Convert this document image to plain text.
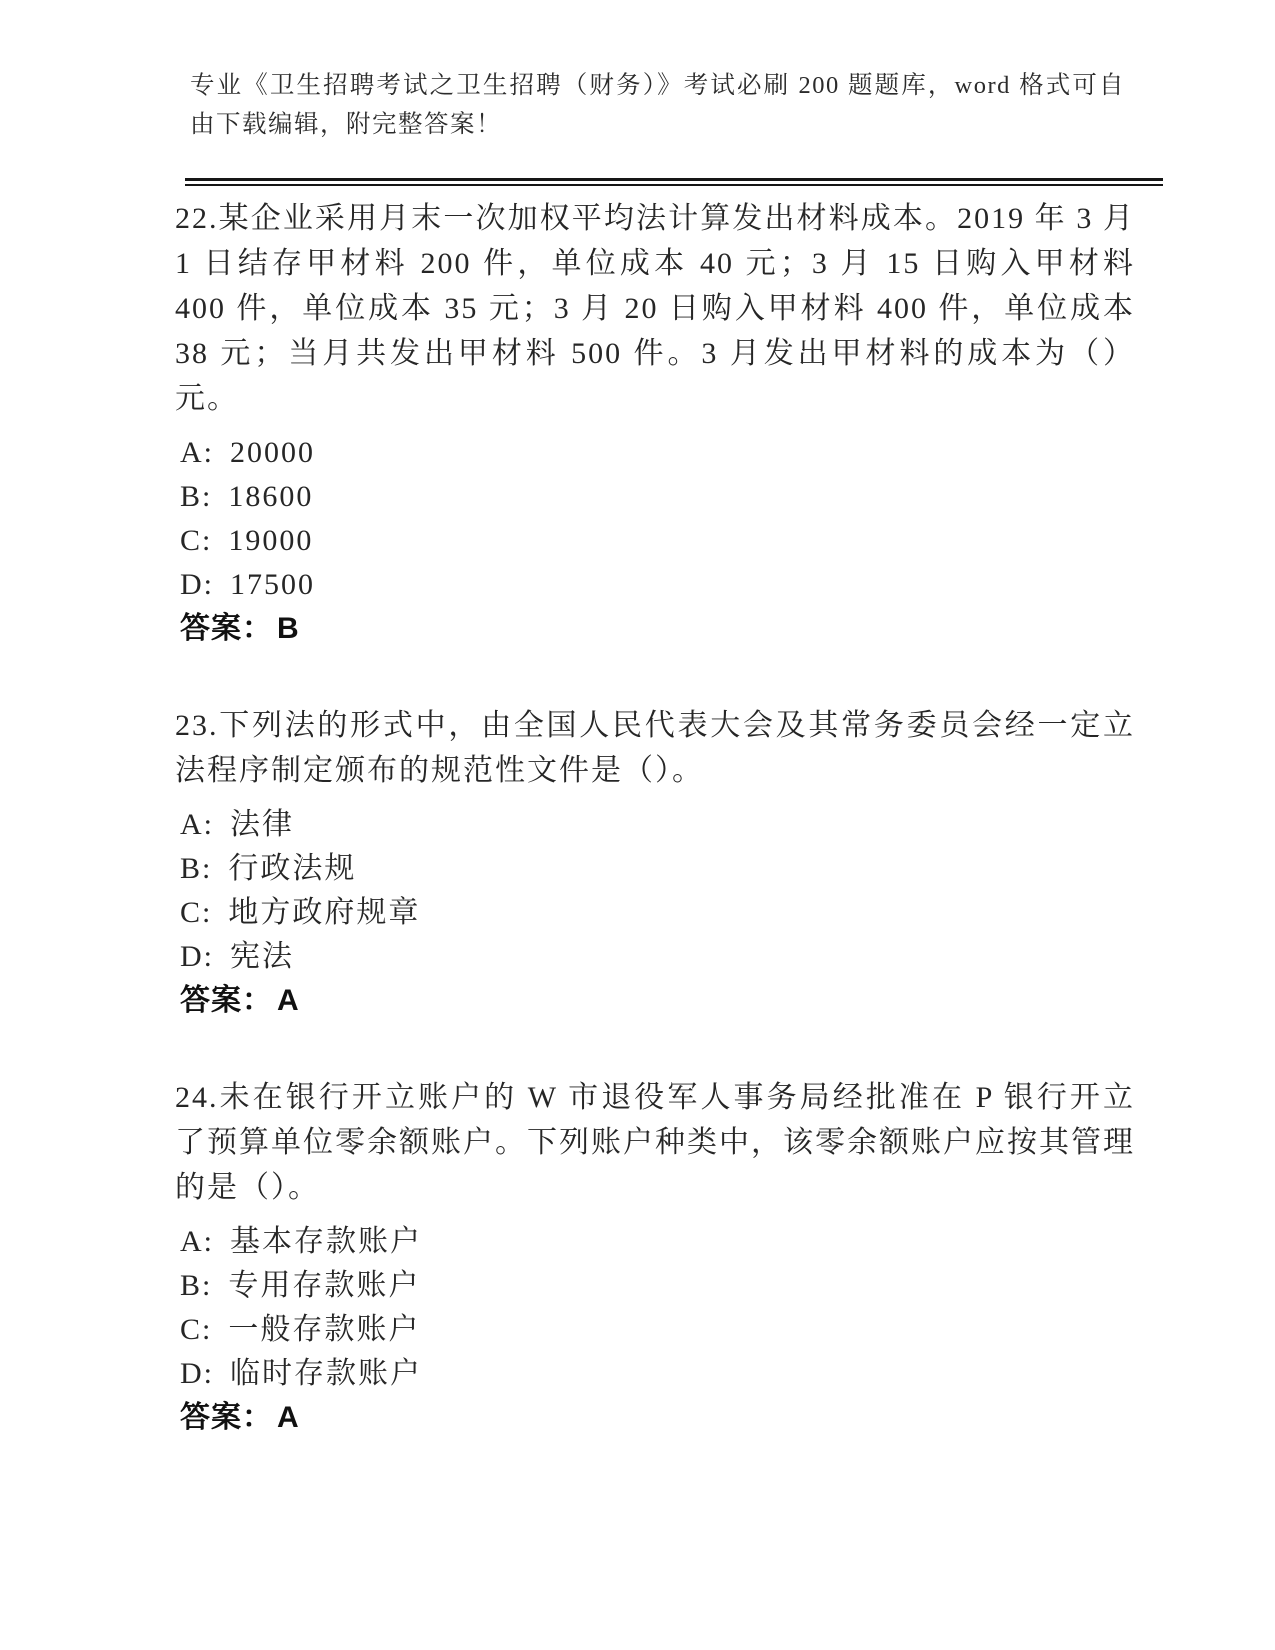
专业《卫生招聘考试之卫生招聘（财务）》考试必刷 200 题题库，word 格式可自由下载编辑，附完整答案！

22.某企业采用月末一次加权平均法计算发出材料成本。2019 年 3 月 1 日结存甲材料 200 件，单位成本 40 元；3 月 15 日购入甲材料 400 件，单位成本 35 元；3 月 20 日购入甲材料 400 件，单位成本 38 元；当月共发出甲材料 500 件。3 月发出甲材料的成本为（）元。

A: 20000
B: 18600
C: 19000
D: 17500

答案： B

23.下列法的形式中，由全国人民代表大会及其常务委员会经一定立法程序制定颁布的规范性文件是（）。

A: 法律
B: 行政法规
C: 地方政府规章
D: 宪法

答案： A

24.未在银行开立账户的 W 市退役军人事务局经批准在 P 银行开立了预算单位零余额账户。下列账户种类中，该零余额账户应按其管理的是（）。

A: 基本存款账户
B: 专用存款账户
C: 一般存款账户
D: 临时存款账户

答案： A
